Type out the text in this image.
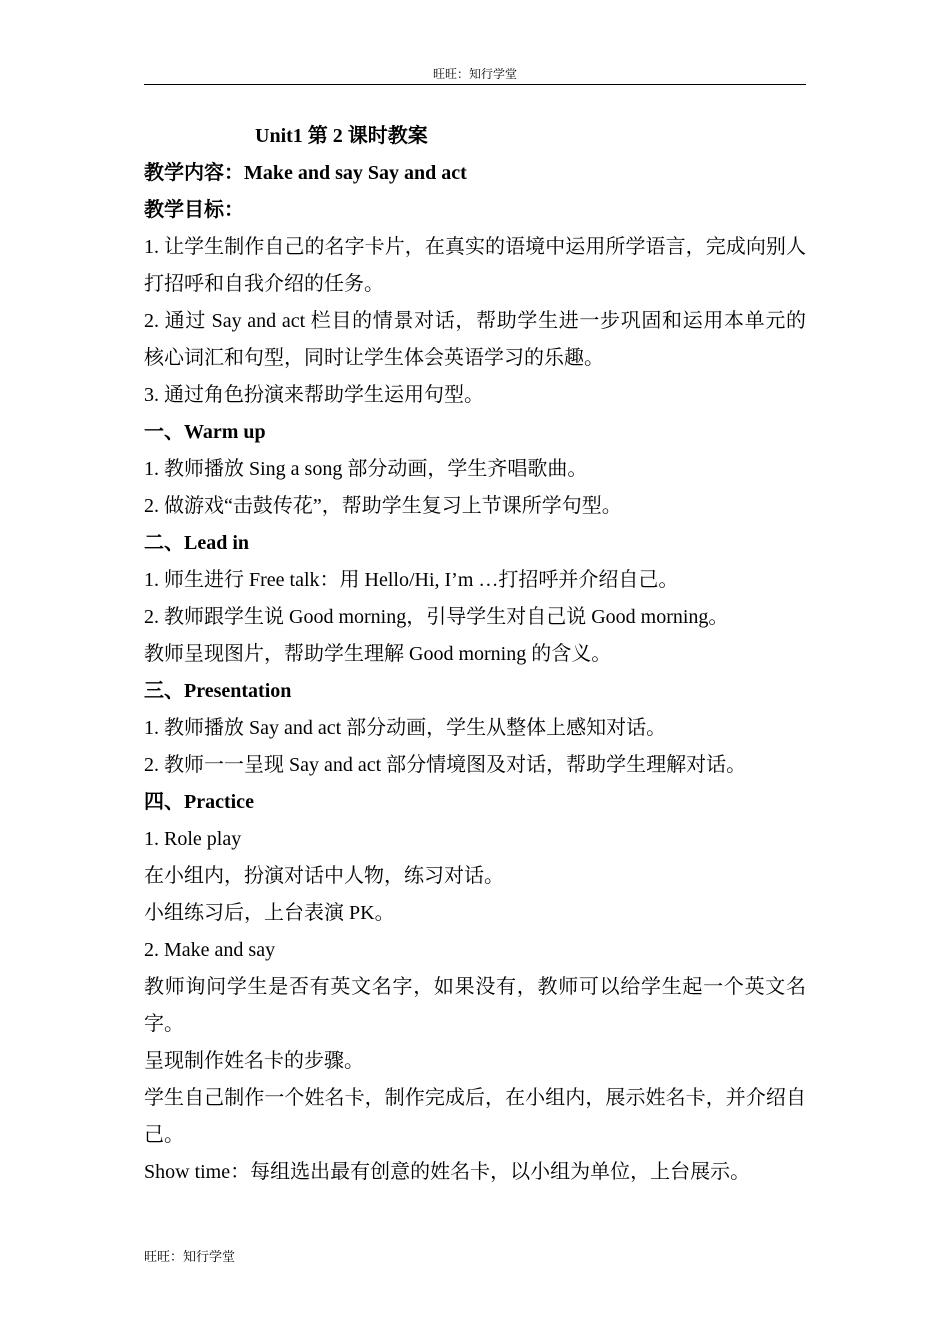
旺旺：知行学堂
Unit1 第 2 课时教案
教学内容：Make and say Say and act
教学目标：
1. 让学生制作自己的名字卡片，在真实的语境中运用所学语言，完成向别人打招呼和自我介绍的任务。
2. 通过 Say and act 栏目的情景对话，帮助学生进一步巩固和运用本单元的核心词汇和句型，同时让学生体会英语学习的乐趣。
3. 通过角色扮演来帮助学生运用句型。
一、Warm up
1. 教师播放 Sing a song 部分动画，学生齐唱歌曲。
2. 做游戏“击鼓传花”，帮助学生复习上节课所学句型。
二、Lead in
1. 师生进行 Free talk：用 Hello/Hi, I’m …打招呼并介绍自己。
2. 教师跟学生说 Good morning，引导学生对自己说 Good morning。
教师呈现图片，帮助学生理解 Good morning 的含义。
三、Presentation
1. 教师播放 Say and act 部分动画，学生从整体上感知对话。
2. 教师一一呈现 Say and act 部分情境图及对话，帮助学生理解对话。
四、Practice
1. Role play
在小组内，扮演对话中人物，练习对话。
小组练习后，上台表演 PK。
2. Make and say
教师询问学生是否有英文名字，如果没有，教师可以给学生起一个英文名字。
呈现制作姓名卡的步骤。
学生自己制作一个姓名卡，制作完成后，在小组内，展示姓名卡，并介绍自己。
Show time：每组选出最有创意的姓名卡，以小组为单位，上台展示。
旺旺：知行学堂
